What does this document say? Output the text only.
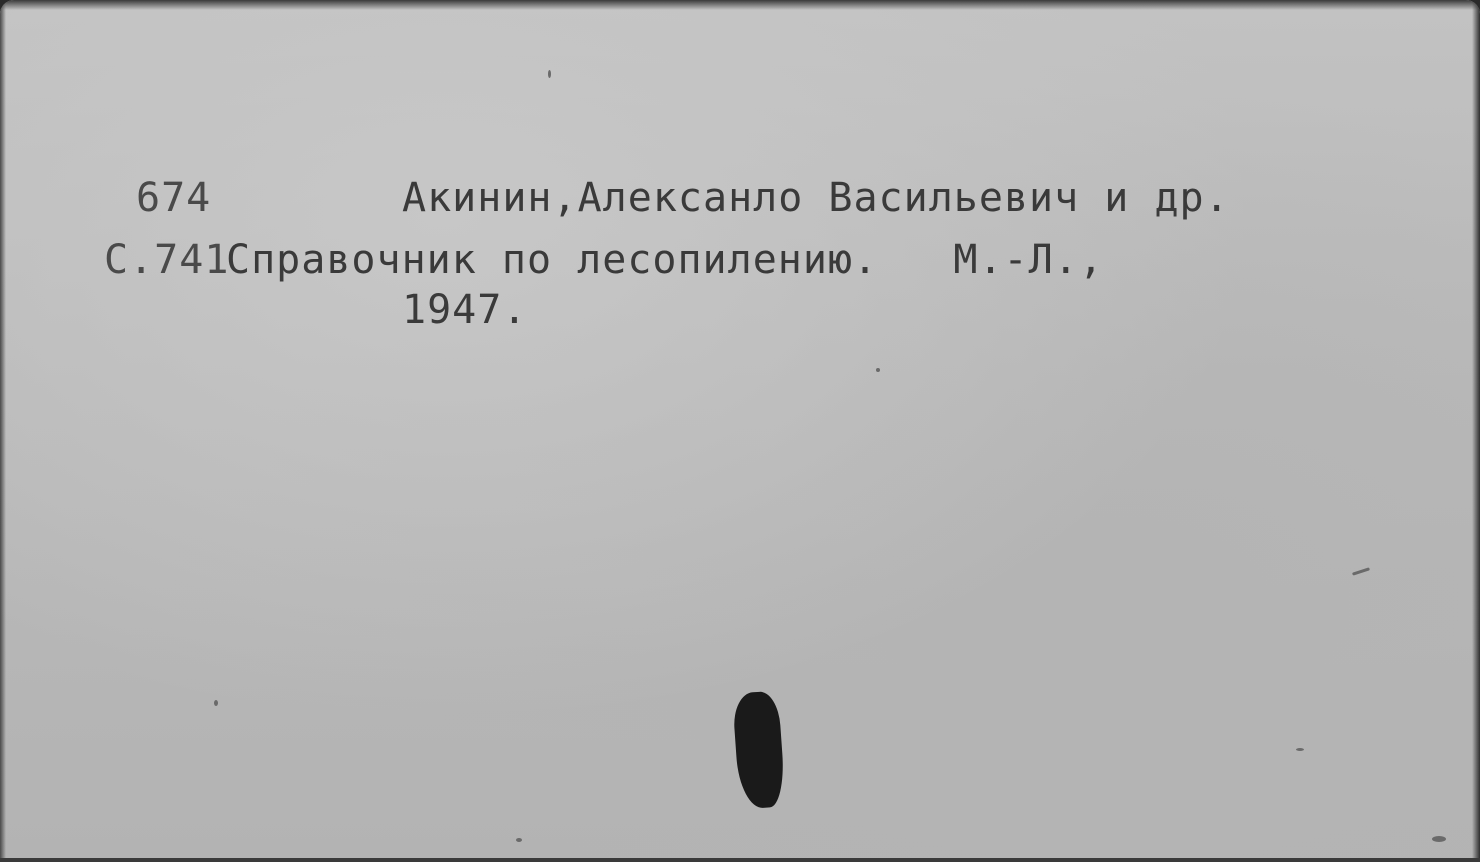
674
С.741
Акинин,Алексанло Васильевич и др.
Справочник по лесопилению.   М.-Л.,
1947.
